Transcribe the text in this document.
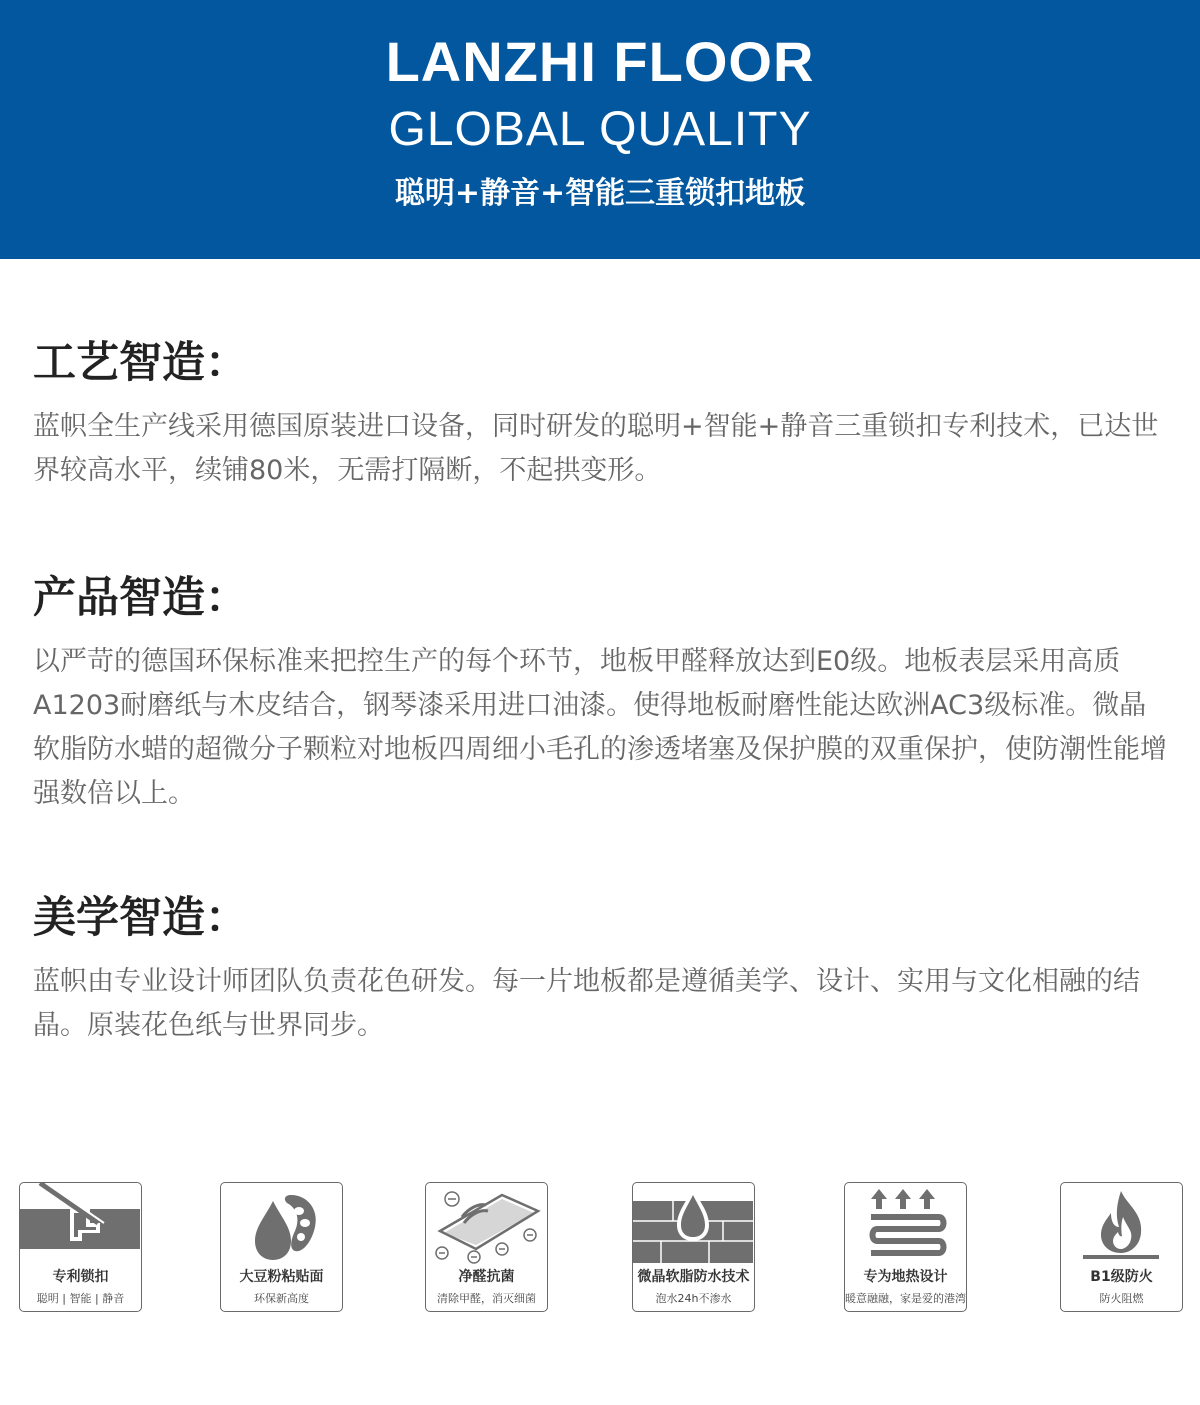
LANZHI FLOOR
GLOBAL QUALITY
聪明+静音+智能三重锁扣地板
工艺智造：

蓝帜全生产线采用德国原装进口设备，同时研发的聪明+智能+静音三重锁扣专利技术，已达世界较高水平，续铺80米，无需打隔断，不起拱变形。

产品智造：

以严苛的德国环保标准来把控生产的每个环节，地板甲醛释放达到E0级。地板表层采用高质A1203耐磨纸与木皮结合，钢琴漆采用进口油漆。使得地板耐磨性能达欧洲AC3级标准。微晶软脂防水蜡的超微分子颗粒对地板四周细小毛孔的渗透堵塞及保护膜的双重保护，使防潮性能增强数倍以上。

美学智造：

蓝帜由专业设计师团队负责花色研发。每一片地板都是遵循美学、设计、实用与文化相融的结晶。原装花色纸与世界同步。

专利锁扣
聪明 | 智能 | 静音
大豆粉粘贴面
环保新高度
净醛抗菌
清除甲醛，消灭细菌
微晶软脂防水技术
泡水24h不渗水
专为地热设计
暖意融融，家是爱的港湾
B1级防火
防火阻燃
